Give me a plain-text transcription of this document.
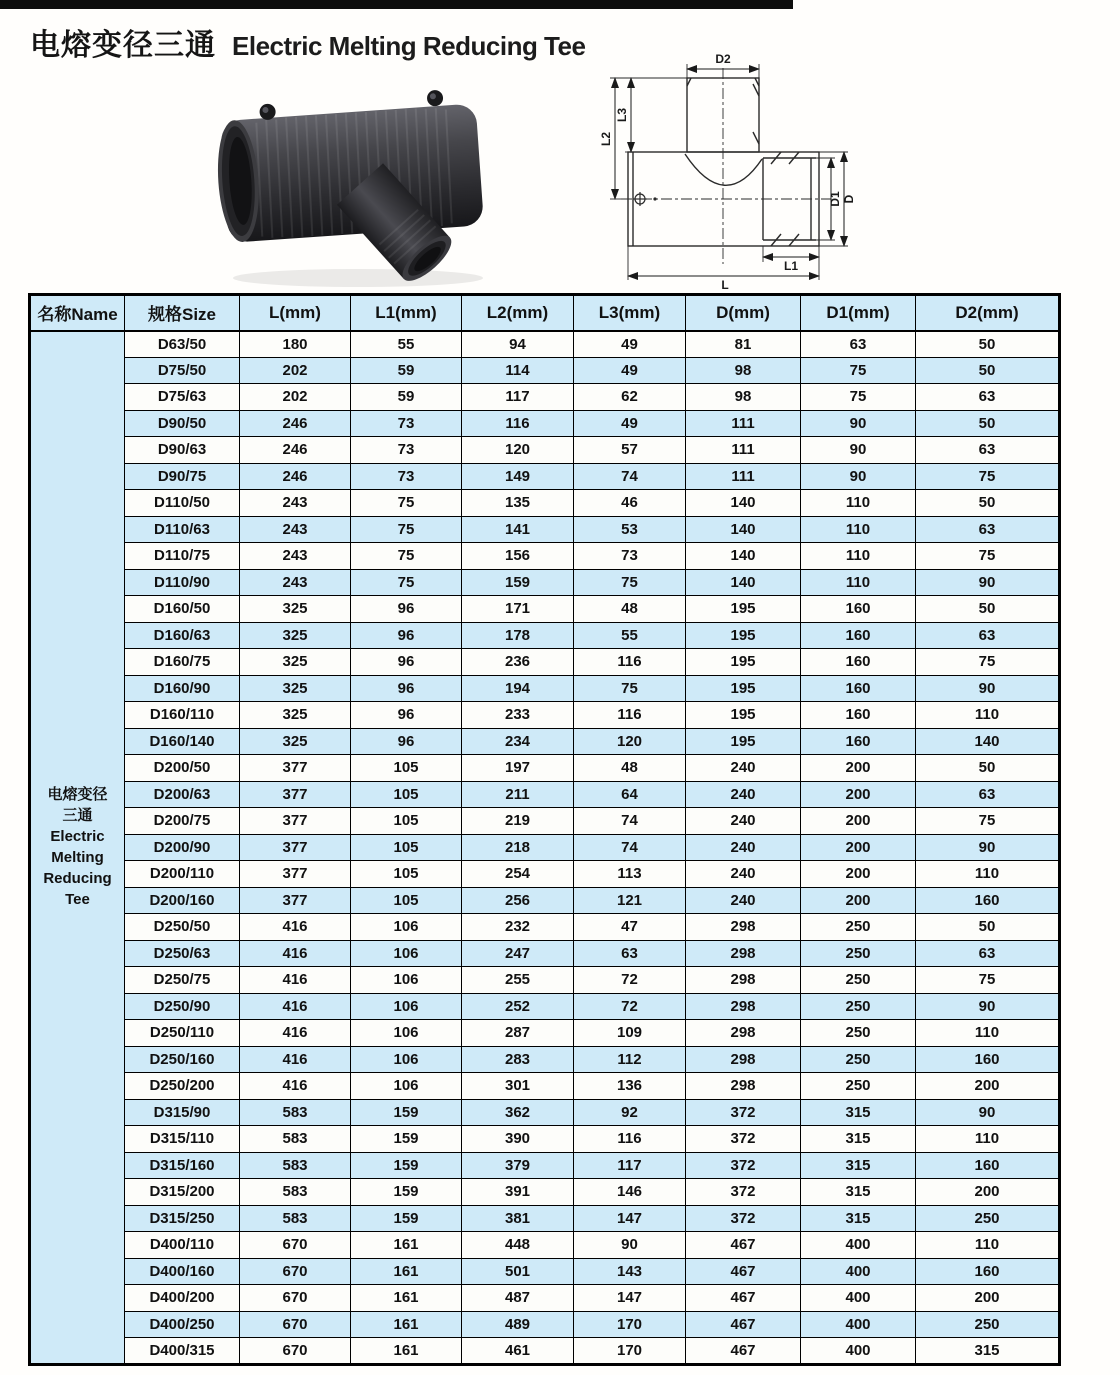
电熔变径三通 Electric Melting Reducing Tee	D2
L3
L2
D1 D
L1
L
名称Name	规格Size	L(mm)	L1(mm)	L2(mm)	L3(mm)	D(mm)	D1(mm)	D2(mm)

电熔变径
三通
Electric
Melting
Reducing
Tee
	D63/50	180	55	94	49	81	63	50
	D75/50	202	59	114	49	98	75	50
	D75/63	202	59	117	62	98	75	63
	D90/50	246	73	116	49	111	90	50
	D90/63	246	73	120	57	111	90	63
	D90/75	246	73	149	74	111	90	75
	D110/50	243	75	135	46	140	110	50
	D110/63	243	75	141	53	140	110	63
	D110/75	243	75	156	73	140	110	75
	D110/90	243	75	159	75	140	110	90
	D160/50	325	96	171	48	195	160	50
	D160/63	325	96	178	55	195	160	63
	D160/75	325	96	236	116	195	160	75
	D160/90	325	96	194	75	195	160	90
	D160/110	325	96	233	116	195	160	110
	D160/140	325	96	234	120	195	160	140
	D200/50	377	105	197	48	240	200	50
	D200/63	377	105	211	64	240	200	63
	D200/75	377	105	219	74	240	200	75
	D200/90	377	105	218	74	240	200	90
	D200/110	377	105	254	113	240	200	110
	D200/160	377	105	256	121	240	200	160
	D250/50	416	106	232	47	298	250	50
	D250/63	416	106	247	63	298	250	63
	D250/75	416	106	255	72	298	250	75
	D250/90	416	106	252	72	298	250	90
	D250/110	416	106	287	109	298	250	110
	D250/160	416	106	283	112	298	250	160
	D250/200	416	106	301	136	298	250	200
	D315/90	583	159	362	92	372	315	90
	D315/110	583	159	390	116	372	315	110
	D315/160	583	159	379	117	372	315	160
	D315/200	583	159	391	146	372	315	200
	D315/250	583	159	381	147	372	315	250
	D400/110	670	161	448	90	467	400	110
	D400/160	670	161	501	143	467	400	160
	D400/200	670	161	487	147	467	400	200
	D400/250	670	161	489	170	467	400	250
	D400/315	670	161	461	170	467	400	315
